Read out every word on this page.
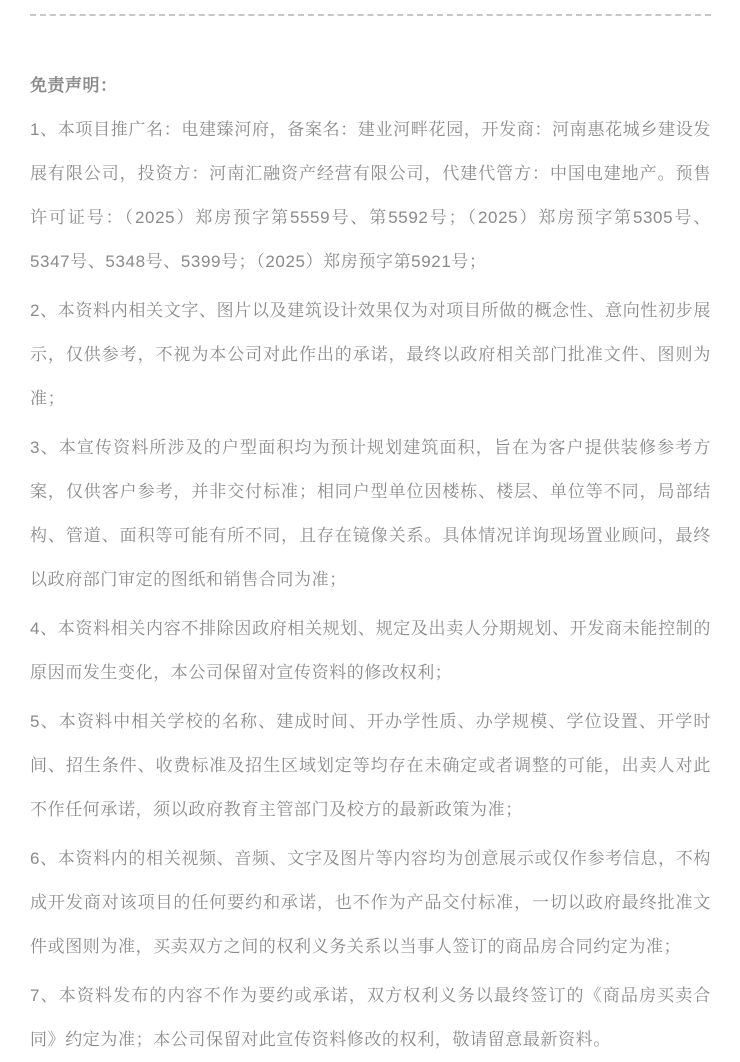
免责声明：

1、本项目推广名：电建臻河府，备案名：建业河畔花园，开发商：河南惠花城乡建设发展有限公司，投资方：河南汇融资产经营有限公司，代建代管方：中国电建地产。预售许可证号：（2025）郑房预字第5559号、第5592号；（2025）郑房预字第5305号、5347号、5348号、5399号；（2025）郑房预字第5921号；

2、本资料内相关文字、图片以及建筑设计效果仅为对项目所做的概念性、意向性初步展示，仅供参考，不视为本公司对此作出的承诺，最终以政府相关部门批准文件、图则为准；

3、本宣传资料所涉及的户型面积均为预计规划建筑面积，旨在为客户提供装修参考方案，仅供客户参考，并非交付标准；相同户型单位因楼栋、楼层、单位等不同，局部结构、管道、面积等可能有所不同，且存在镜像关系。具体情况详询现场置业顾问，最终以政府部门审定的图纸和销售合同为准；

4、本资料相关内容不排除因政府相关规划、规定及出卖人分期规划、开发商未能控制的原因而发生变化，本公司保留对宣传资料的修改权利；

5、本资料中相关学校的名称、建成时间、开办学性质、办学规模、学位设置、开学时间、招生条件、收费标准及招生区域划定等均存在未确定或者调整的可能，出卖人对此不作任何承诺，须以政府教育主管部门及校方的最新政策为准；

6、本资料内的相关视频、音频、文字及图片等内容均为创意展示或仅作参考信息，不构成开发商对该项目的任何要约和承诺，也不作为产品交付标准，一切以政府最终批准文件或图则为准，买卖双方之间的权利义务关系以当事人签订的商品房合同约定为准；

7、本资料发布的内容不作为要约或承诺，双方权利义务以最终签订的《商品房买卖合同》约定为准；本公司保留对此宣传资料修改的权利，敬请留意最新资料。
